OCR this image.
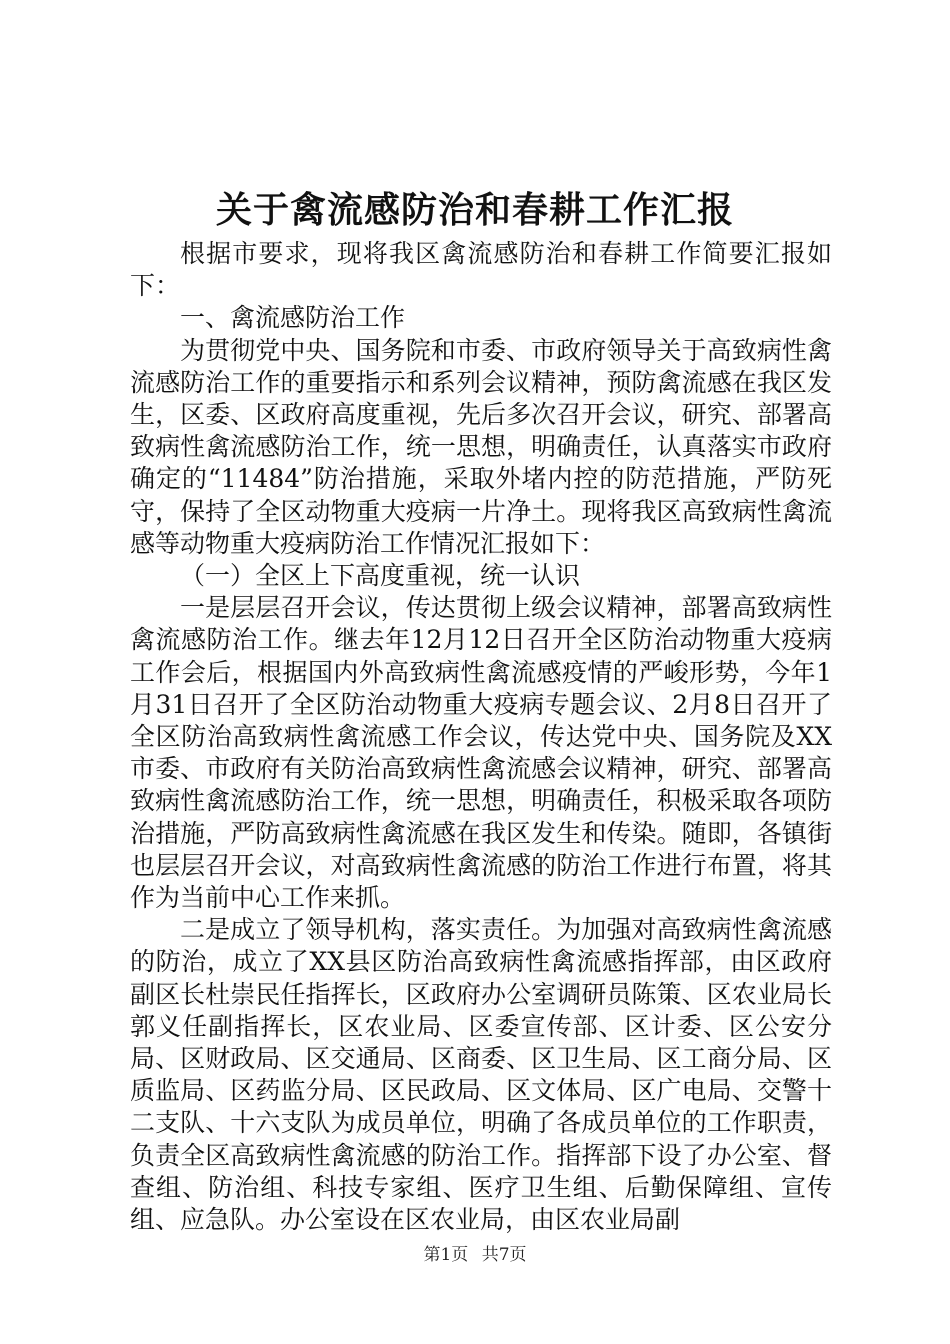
关于禽流感防治和春耕工作汇报

根据市要求，现将我区禽流感防治和春耕工作简要汇报如下：

一、禽流感防治工作

为贯彻党中央、国务院和市委、市政府领导关于高致病性禽流感防治工作的重要指示和系列会议精神，预防禽流感在我区发生，区委、区政府高度重视，先后多次召开会议，研究、部署高致病性禽流感防治工作，统一思想，明确责任，认真落实市政府确定的“11484”防治措施，采取外堵内控的防范措施，严防死守，保持了全区动物重大疫病一片净土。现将我区高致病性禽流感等动物重大疫病防治工作情况汇报如下：

（一）全区上下高度重视，统一认识

一是层层召开会议，传达贯彻上级会议精神，部署高致病性禽流感防治工作。继去年12月12日召开全区防治动物重大疫病工作会后，根据国内外高致病性禽流感疫情的严峻形势，今年1月31日召开了全区防治动物重大疫病专题会议、2月8日召开了全区防治高致病性禽流感工作会议，传达党中央、国务院及XX市委、市政府有关防治高致病性禽流感会议精神，研究、部署高致病性禽流感防治工作，统一思想，明确责任，积极采取各项防治措施，严防高致病性禽流感在我区发生和传染。随即，各镇街也层层召开会议，对高致病性禽流感的防治工作进行布置，将其作为当前中心工作来抓。

二是成立了领导机构，落实责任。为加强对高致病性禽流感的防治，成立了XX县区防治高致病性禽流感指挥部，由区政府副区长杜崇民任指挥长，区政府办公室调研员陈策、区农业局长郭义任副指挥长，区农业局、区委宣传部、区计委、区公安分局、区财政局、区交通局、区商委、区卫生局、区工商分局、区质监局、区药监分局、区民政局、区文体局、区广电局、交警十二支队、十六支队为成员单位，明确了各成员单位的工作职责，负责全区高致病性禽流感的防治工作。指挥部下设了办公室、督查组、防治组、科技专家组、医疗卫生组、后勤保障组、宣传组、应急队。办公室设在区农业局，由区农业局副

第1页 共7页
